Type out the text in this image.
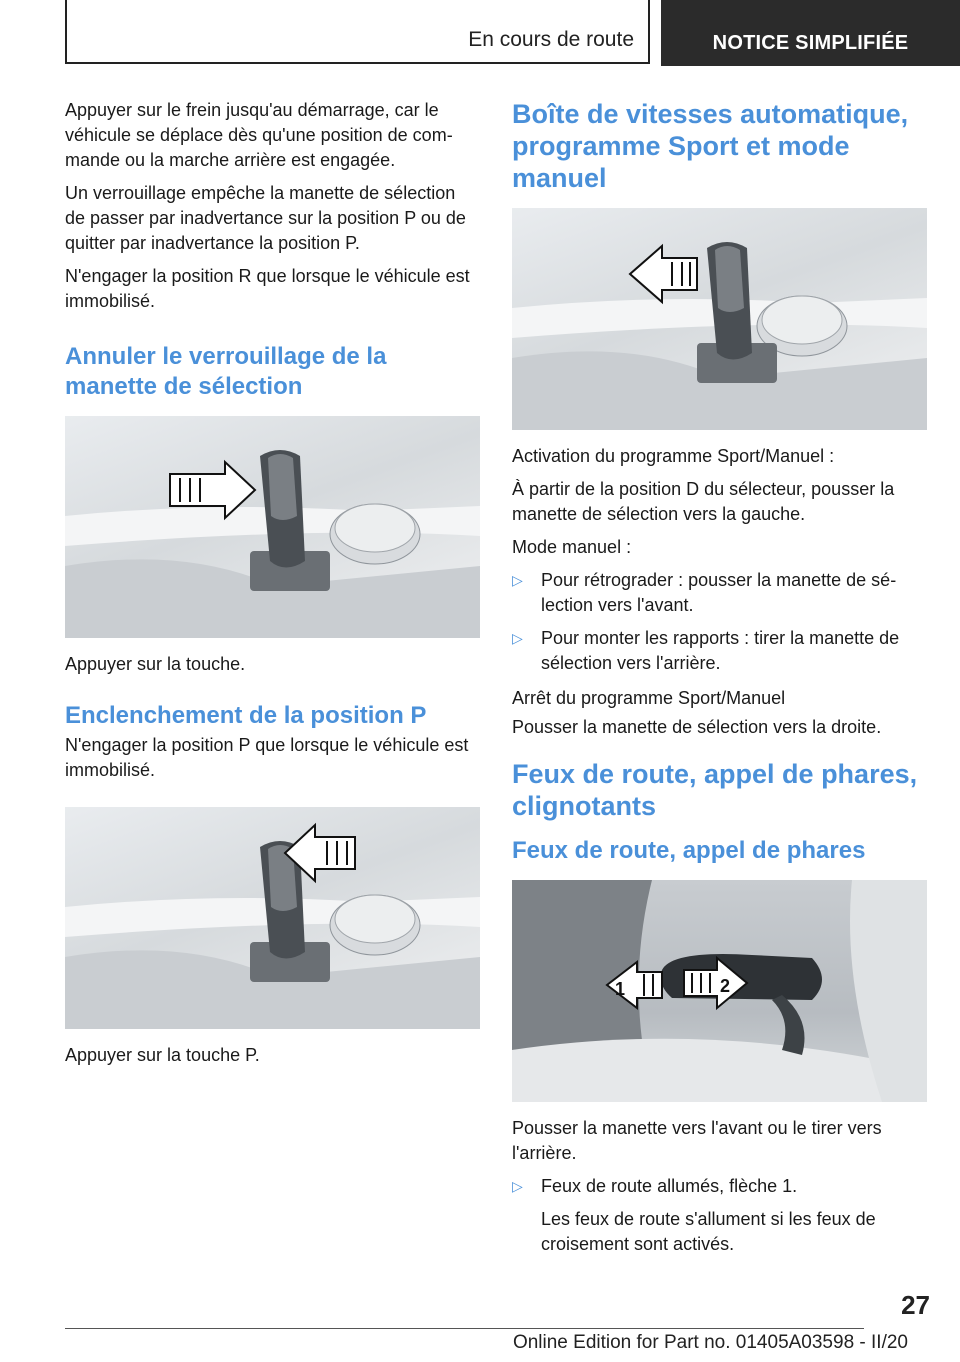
En cours de route	NOTICE SIMPLIFIÉE

Appuyer sur le frein jusqu'au démarrage, car le véhicule se déplace dès qu'une position de com-mande ou la marche arrière est engagée.

Un verrouillage empêche la manette de sélection de passer par inadvertance sur la position P ou de quitter par inadvertance la position P.

N'engager la position R que lorsque le véhicule est immobilisé.

Annuler le verrouillage de la manette de sélection

Appuyer sur la touche.

Enclenchement de la position P

N'engager la position P que lorsque le véhicule est immobilisé.

Appuyer sur la touche P.

Boîte de vitesses automatique, programme Sport et mode manuel

Activation du programme Sport/Manuel :

À partir de la position D du sélecteur, pousser la manette de sélection vers la gauche.

Mode manuel :

▷ Pour rétrograder : pousser la manette de sé-lection vers l'avant.
▷ Pour monter les rapports : tirer la manette de sélection vers l'arrière.

Arrêt du programme Sport/Manuel

Pousser la manette de sélection vers la droite.

Feux de route, appel de phares, clignotants
Feux de route, appel de phares
1	2

Pousser la manette vers l'avant ou le tirer vers l'arrière.

▷ Feux de route allumés, flèche 1.

Les feux de route s'allument si les feux de croisement sont activés.

27
Online Edition for Part no. 01405A03598 - II/20
